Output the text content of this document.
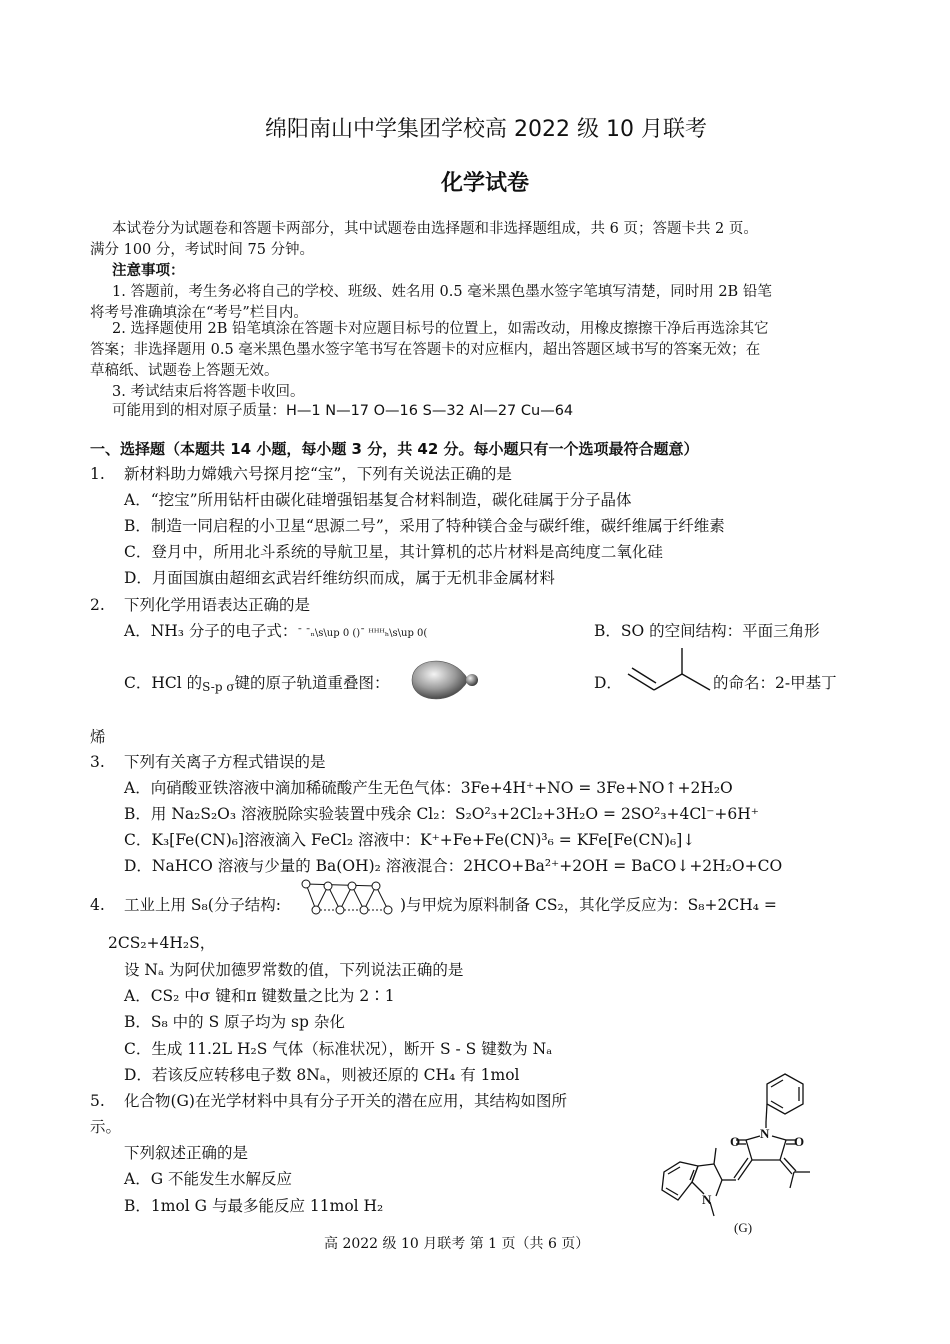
绵阳南山中学集团学校高 2022 级 10 月联考
化学试卷
本试卷分为试题卷和答题卡两部分，其中试题卷由选择题和非选择题组成，共 6 页；答题卡共 2 页。
满分 100 分，考试时间 75 分钟。
注意事项：
1. 答题前，考生务必将自己的学校、班级、姓名用 0.5 毫米黑色墨水签字笔填写清楚，同时用 2B 铅笔
将考号准确填涂在“考号”栏目内。
2. 选择题使用 2B 铅笔填涂在答题卡对应题目标号的位置上，如需改动，用橡皮擦擦干净后再选涂其它
答案；非选择题用 0.5 毫米黑色墨水签字笔书写在答题卡的对应框内，超出答题区域书写的答案无效；在
草稿纸、试题卷上答题无效。
3. 考试结束后将答题卡收回。
可能用到的相对原子质量：H—1 N—17 O—16 S—32 Al—27 Cu—64
一、选择题（本题共 14 小题，每小题 3 分，共 42 分。每小题只有一个选项最符合题意）
1. 新材料助力嫦娥六号探月挖“宝”，下列有关说法正确的是
A．“挖宝”所用钻杆由碳化硅增强铝基复合材料制造，碳化硅属于分子晶体
B．制造一同启程的小卫星“思源二号”，采用了特种镁合金与碳纤维，碳纤维属于纤维素
C．登月中，所用北斗系统的导航卫星，其计算机的芯片材料是高纯度二氧化硅
D．月面国旗由超细玄武岩纤维纺织而成，属于无机非金属材料
2. 下列化学用语表达正确的是
A．NH₃ 分子的电子式：ˉ ˉₙ\s\up 0 ()ˉ ᴴᴴᴴₕ\s\up 0(	B．SO 的空间结构：平面三角形
C．HCl 的S-p σ键的原子轨道重叠图：	D．	的命名：2-甲基丁
烯
3. 下列有关离子方程式错误的是
A．向硝酸亚铁溶液中滴加稀硫酸产生无色气体：3Fe+4H⁺+NO = 3Fe+NO↑+2H₂O
B．用 Na₂S₂O₃ 溶液脱除实验装置中残余 Cl₂：S₂O²₃+2Cl₂+3H₂O = 2SO²₃+4Cl⁻+6H⁺
C．K₃[Fe(CN)₆]溶液滴入 FeCl₂ 溶液中：K⁺+Fe+Fe(CN)³₆ = KFe[Fe(CN)₆]↓
D．NaHCO 溶液与少量的 Ba(OH)₂ 溶液混合：2HCO+Ba²⁺+2OH = BaCO↓+2H₂O+CO
4. 工业上用 S₈(分子结构:	)与甲烷为原料制备 CS₂，其化学反应为：S₈+2CH₄ =
2CS₂+4H₂S，
设 Nₐ 为阿伏加德罗常数的值，下列说法正确的是
A．CS₂ 中σ 键和π 键数量之比为 2∶1
B．S₈ 中的 S 原子均为 sp 杂化
C．生成 11.2L H₂S 气体（标准状况），断开 S - S 键数为 Nₐ
D．若该反应转移电子数 8Nₐ，则被还原的 CH₄ 有 1mol
5. 化合物(G)在光学材料中具有分子开关的潜在应用，其结构如图所
示。
下列叙述正确的是
A．G 不能发生水解反应
B．1mol G 与最多能反应 11mol H₂
O
N
O
N
(G)
高 2022 级 10 月联考 第 1 页（共 6 页）
